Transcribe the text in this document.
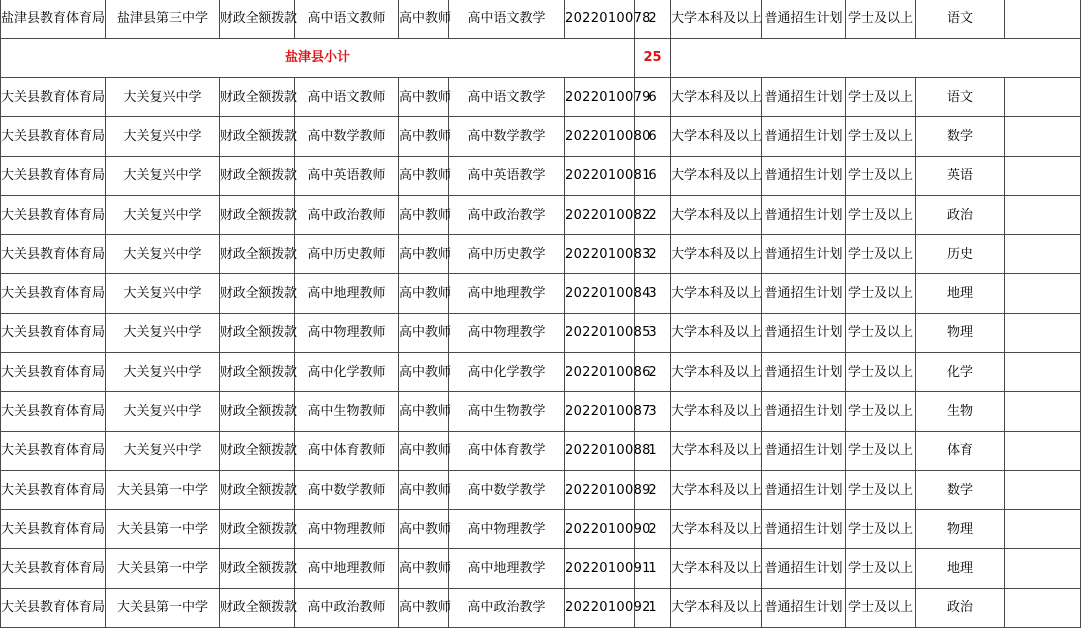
盐津县教育体育局	盐津县第三中学	财政全额拨款	高中语文教师	高中教师	高中语文教学	2022010078	2	大学本科及以上	普通招生计划	学士及以上	语文	
盐津县小计							25					
大关县教育体育局	大关复兴中学	财政全额拨款	高中语文教师	高中教师	高中语文教学	2022010079	6	大学本科及以上	普通招生计划	学士及以上	语文	
大关县教育体育局	大关复兴中学	财政全额拨款	高中数学教师	高中教师	高中数学教学	2022010080	6	大学本科及以上	普通招生计划	学士及以上	数学	
大关县教育体育局	大关复兴中学	财政全额拨款	高中英语教师	高中教师	高中英语教学	2022010081	6	大学本科及以上	普通招生计划	学士及以上	英语	
大关县教育体育局	大关复兴中学	财政全额拨款	高中政治教师	高中教师	高中政治教学	2022010082	2	大学本科及以上	普通招生计划	学士及以上	政治	
大关县教育体育局	大关复兴中学	财政全额拨款	高中历史教师	高中教师	高中历史教学	2022010083	2	大学本科及以上	普通招生计划	学士及以上	历史	
大关县教育体育局	大关复兴中学	财政全额拨款	高中地理教师	高中教师	高中地理教学	2022010084	3	大学本科及以上	普通招生计划	学士及以上	地理	
大关县教育体育局	大关复兴中学	财政全额拨款	高中物理教师	高中教师	高中物理教学	2022010085	3	大学本科及以上	普通招生计划	学士及以上	物理	
大关县教育体育局	大关复兴中学	财政全额拨款	高中化学教师	高中教师	高中化学教学	2022010086	2	大学本科及以上	普通招生计划	学士及以上	化学	
大关县教育体育局	大关复兴中学	财政全额拨款	高中生物教师	高中教师	高中生物教学	2022010087	3	大学本科及以上	普通招生计划	学士及以上	生物	
大关县教育体育局	大关复兴中学	财政全额拨款	高中体育教师	高中教师	高中体育教学	2022010088	1	大学本科及以上	普通招生计划	学士及以上	体育	
大关县教育体育局	大关县第一中学	财政全额拨款	高中数学教师	高中教师	高中数学教学	2022010089	2	大学本科及以上	普通招生计划	学士及以上	数学	
大关县教育体育局	大关县第一中学	财政全额拨款	高中物理教师	高中教师	高中物理教学	2022010090	2	大学本科及以上	普通招生计划	学士及以上	物理	
大关县教育体育局	大关县第一中学	财政全额拨款	高中地理教师	高中教师	高中地理教学	2022010091	1	大学本科及以上	普通招生计划	学士及以上	地理	
大关县教育体育局	大关县第一中学	财政全额拨款	高中政治教师	高中教师	高中政治教学	2022010092	1	大学本科及以上	普通招生计划	学士及以上	政治	
